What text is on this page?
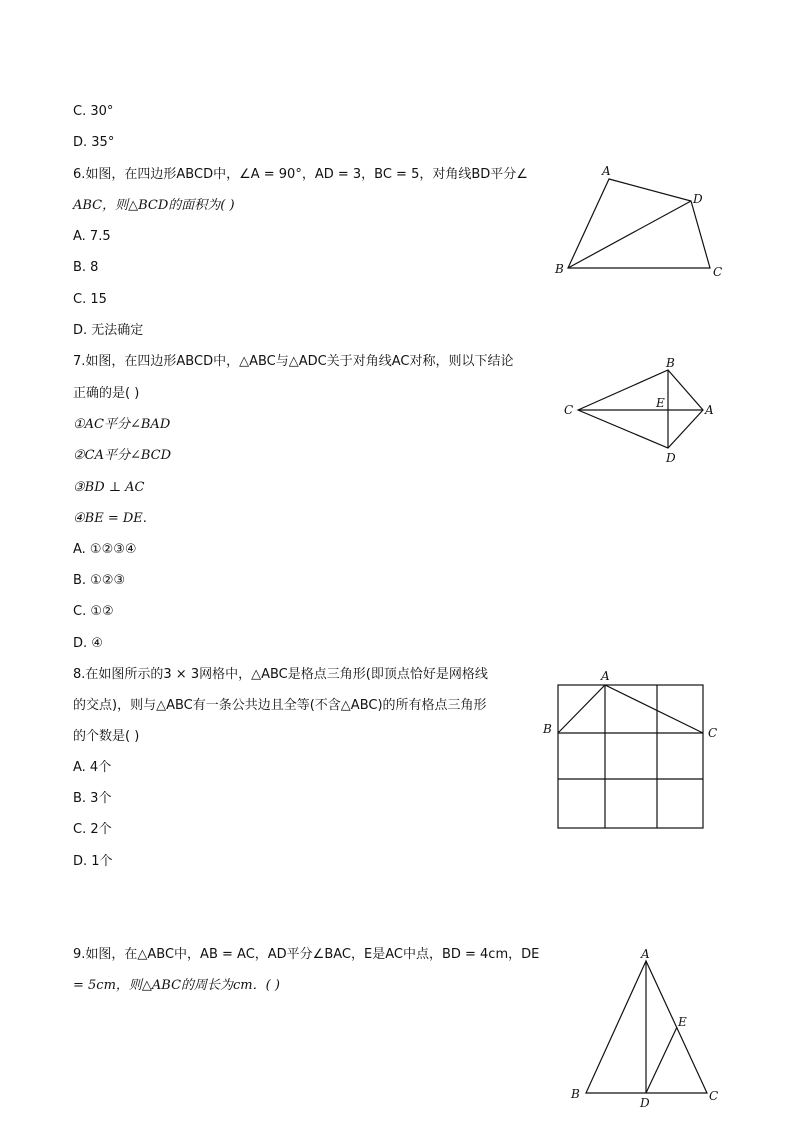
C. 30°
D. 35°
6.如图，在四边形ABCD中，∠A = 90°，AD = 3，BC = 5，对角线BD平分∠
ABC，则△BCD的面积为( )
A. 7.5
B. 8
C. 15
D. 无法确定
A
D
B	C
7.如图，在四边形ABCD中，△ABC与△ADC关于对角线AC对称，则以下结论
正确的是( )
①AC平分∠BAD
②CA平分∠BCD
③BD ⊥ AC
④BE = DE.
A. ①②③④
B. ①②③
C. ①②
D. ④
B
C	E	A
D
8.在如图所示的3 × 3网格中，△ABC是格点三角形(即顶点恰好是网格线
的交点)，则与△ABC有一条公共边且全等(不含△ABC)的所有格点三角形
的个数是( )
A. 4个
B. 3个
C. 2个
D. 1个
A
B	C
9.如图，在△ABC中，AB = AC，AD平分∠BAC，E是AC中点，BD = 4cm，DE
= 5cm，则△ABC的周长为cm．( )
A
E
B
D	C
